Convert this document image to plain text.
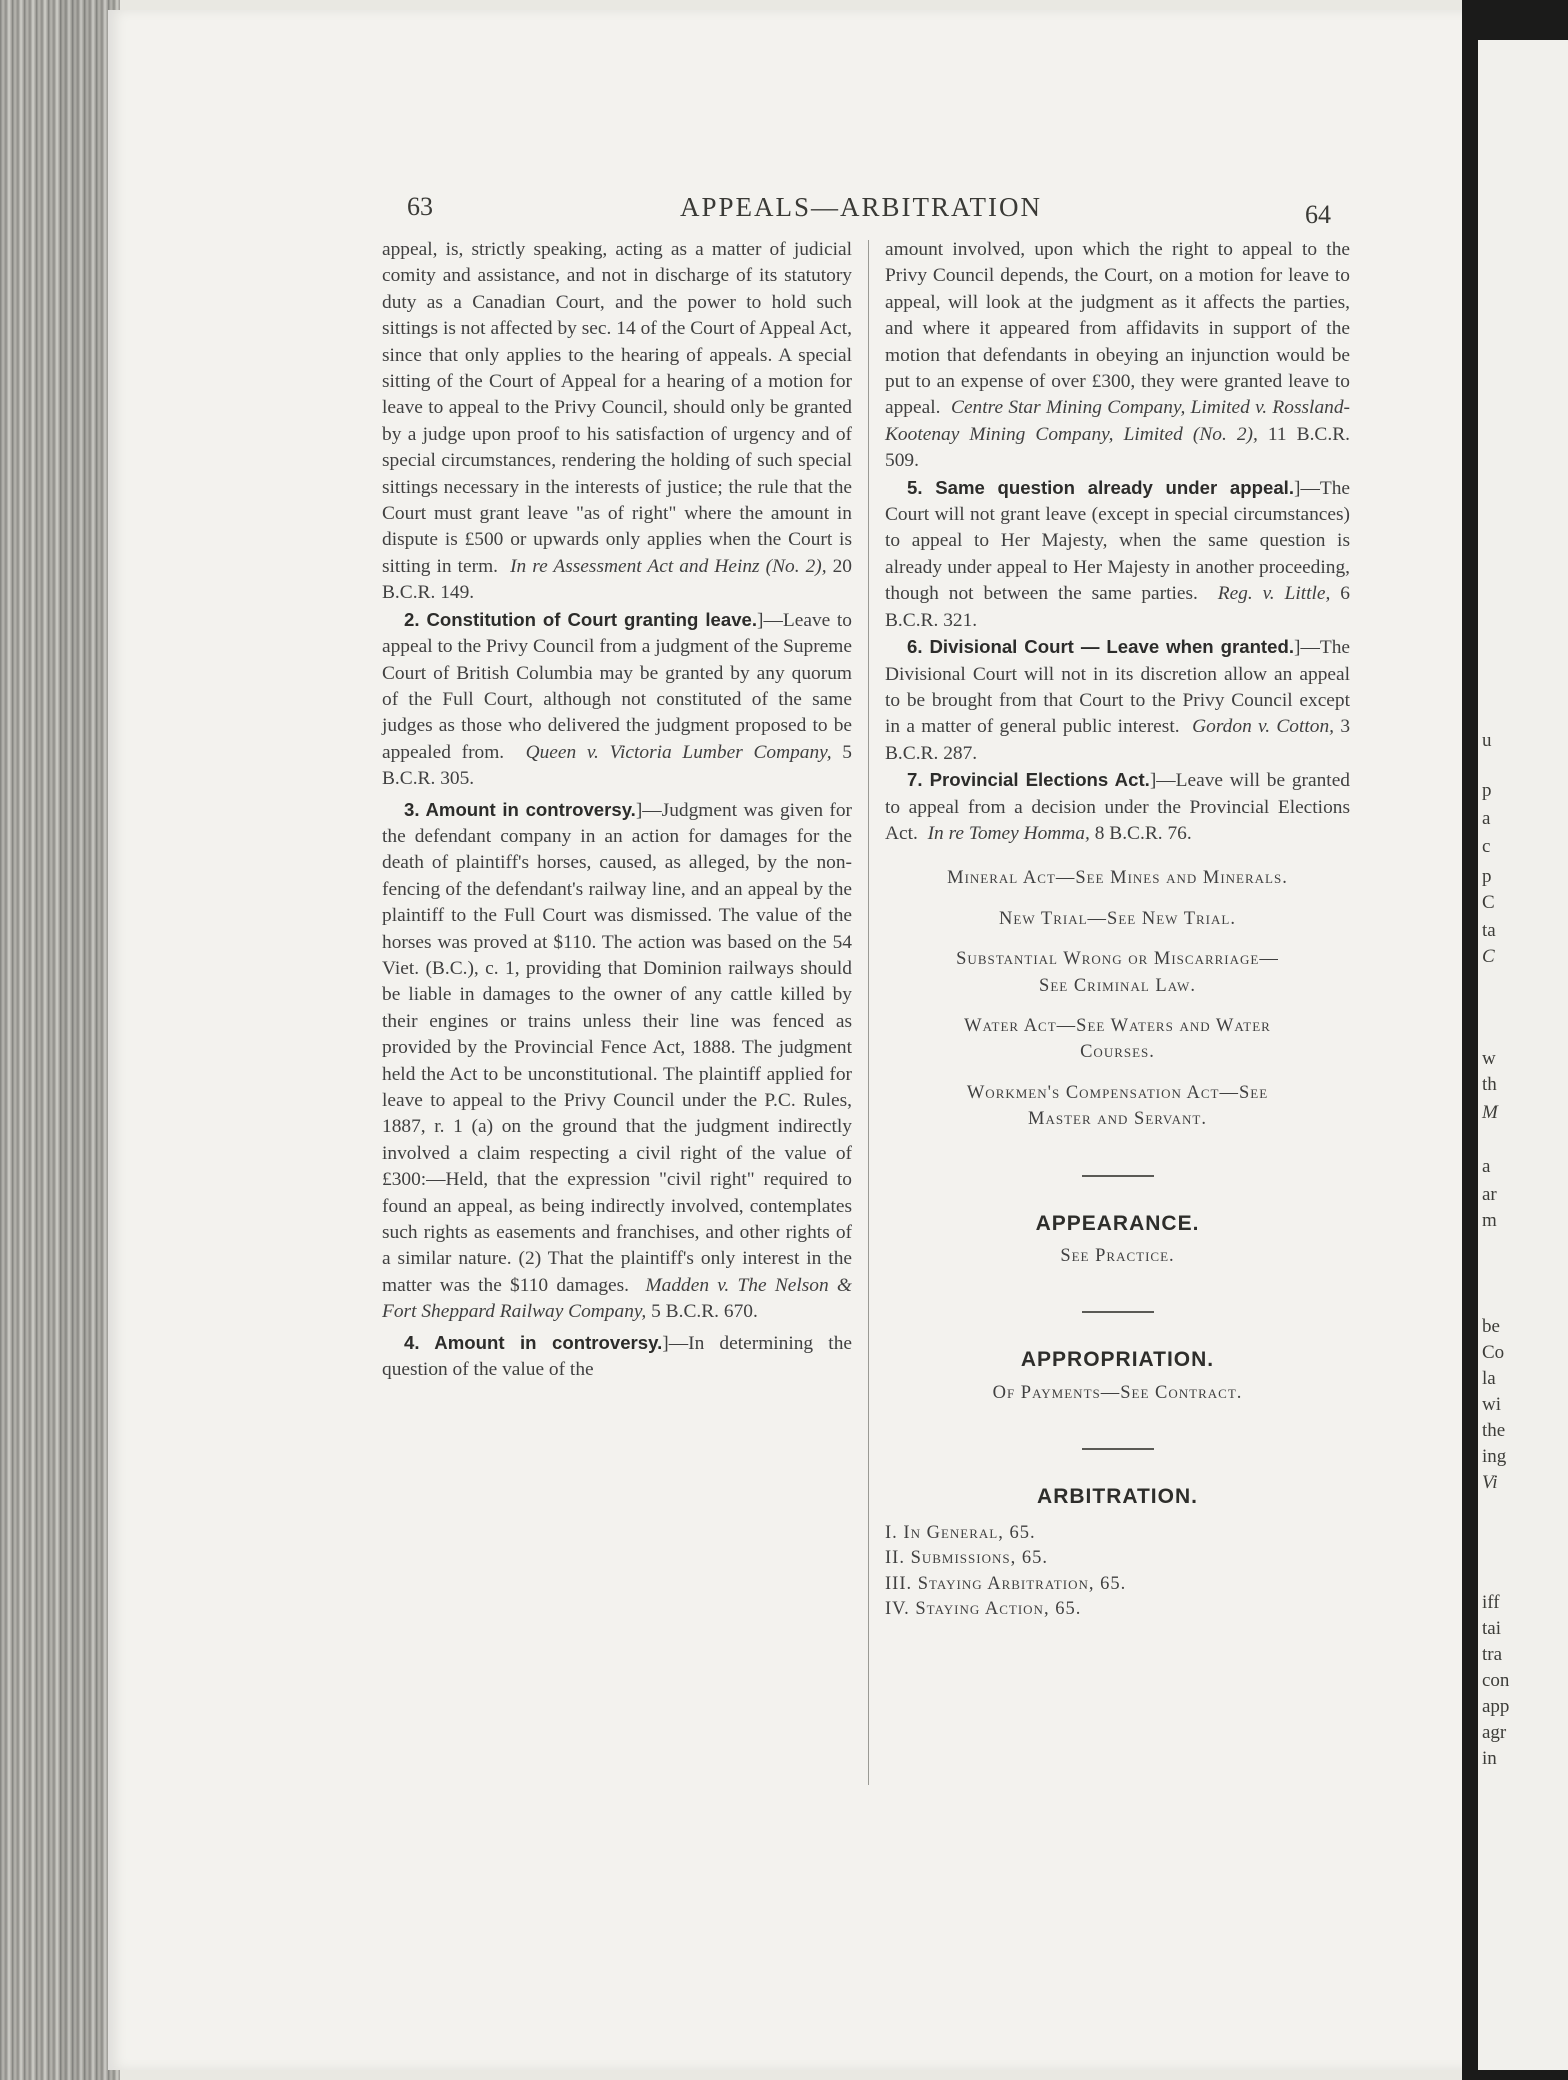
u
p
a
c
p
C
ta
C
w
th
M
a
ar
m
be
Co
la
wi
the
ing
Vi
iff
tai
tra
con
app
agr
in
63	APPEALS—ARBITRATION	64

appeal, is, strictly speaking, acting as a matter of judicial comity and assistance, and not in discharge of its statutory duty as a Canadian Court, and the power to hold such sittings is not affected by sec. 14 of the Court of Appeal Act, since that only applies to the hearing of appeals. A special sitting of the Court of Appeal for a hearing of a motion for leave to appeal to the Privy Council, should only be granted by a judge upon proof to his satisfaction of urgency and of special circumstances, rendering the holding of such special sittings necessary in the interests of justice; the rule that the Court must grant leave "as of right" where the amount in dispute is £500 or upwards only applies when the Court is sitting in term. In re Assessment Act and Heinz (No. 2), 20 B.C.R. 149.

2. Constitution of Court granting leave.]—Leave to appeal to the Privy Council from a judgment of the Supreme Court of British Columbia may be granted by any quorum of the Full Court, although not constituted of the same judges as those who delivered the judgment proposed to be appealed from. Queen v. Victoria Lumber Company, 5 B.C.R. 305.

3. Amount in controversy.]—Judgment was given for the defendant company in an action for damages for the death of plaintiff's horses, caused, as alleged, by the non-fencing of the defendant's railway line, and an appeal by the plaintiff to the Full Court was dismissed. The value of the horses was proved at $110. The action was based on the 54 Viet. (B.C.), c. 1, providing that Dominion railways should be liable in damages to the owner of any cattle killed by their engines or trains unless their line was fenced as provided by the Provincial Fence Act, 1888. The judgment held the Act to be unconstitutional. The plaintiff applied for leave to appeal to the Privy Council under the P.C. Rules, 1887, r. 1 (a) on the ground that the judgment indirectly involved a claim respecting a civil right of the value of £300:—Held, that the expression "civil right" required to found an appeal, as being indirectly involved, contemplates such rights as easements and franchises, and other rights of a similar nature. (2) That the plaintiff's only interest in the matter was the $110 damages. Madden v. The Nelson & Fort Sheppard Railway Company, 5 B.C.R. 670.

4. Amount in controversy.]—In determining the question of the value of the

amount involved, upon which the right to appeal to the Privy Council depends, the Court, on a motion for leave to appeal, will look at the judgment as it affects the parties, and where it appeared from affidavits in support of the motion that defendants in obeying an injunction would be put to an expense of over £300, they were granted leave to appeal. Centre Star Mining Company, Limited v. Rossland-Kootenay Mining Company, Limited (No. 2), 11 B.C.R. 509.

5. Same question already under appeal.]—The Court will not grant leave (except in special circumstances) to appeal to Her Majesty, when the same question is already under appeal to Her Majesty in another proceeding, though not between the same parties. Reg. v. Little, 6 B.C.R. 321.

6. Divisional Court — Leave when granted.]—The Divisional Court will not in its discretion allow an appeal to be brought from that Court to the Privy Council except in a matter of general public interest. Gordon v. Cotton, 3 B.C.R. 287.

7. Provincial Elections Act.]—Leave will be granted to appeal from a decision under the Provincial Elections Act. In re Tomey Homma, 8 B.C.R. 76.

Mineral Act—See Mines and Minerals.

New Trial—See New Trial.

Substantial Wrong or Miscarriage—

See Criminal Law.

Water Act—See Waters and Water

Courses.

Workmen's Compensation Act—See

Master and Servant.

APPEARANCE.

See Practice.

APPROPRIATION.

Of Payments—See Contract.

ARBITRATION.

I. In General, 65.
II. Submissions, 65.
III. Staying Arbitration, 65.
IV. Staying Action, 65.
